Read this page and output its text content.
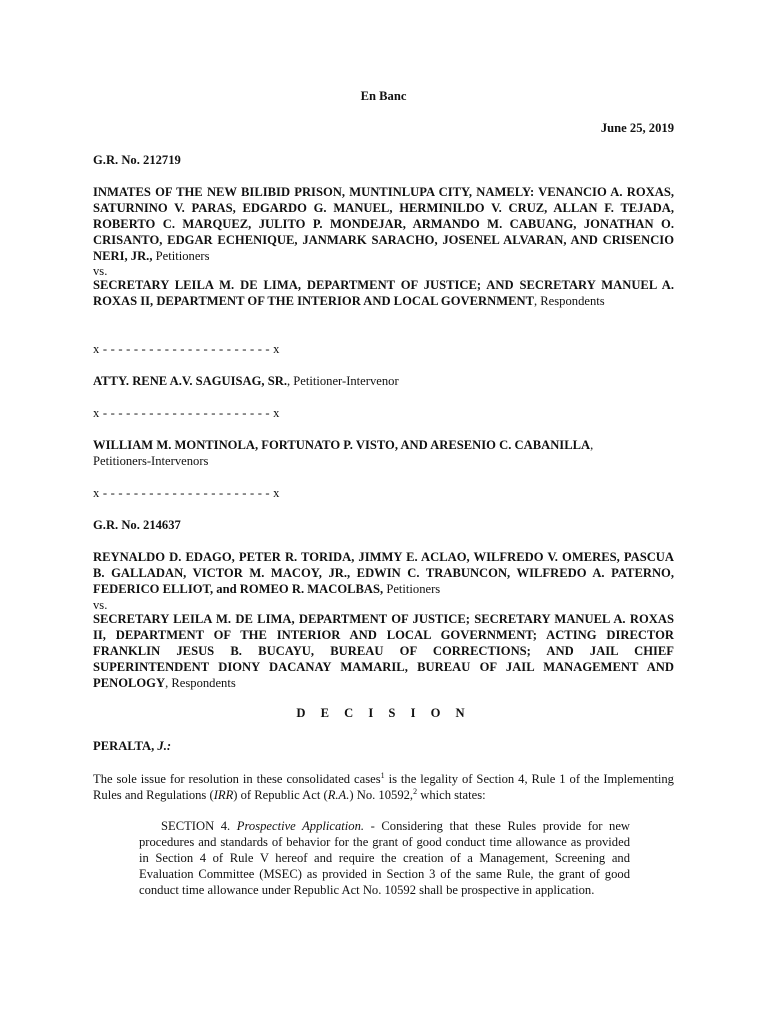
En Banc
June 25, 2019
G.R. No. 212719
INMATES OF THE NEW BILIBID PRISON, MUNTINLUPA CITY, NAMELY: VENANCIO A. ROXAS, SATURNINO V. PARAS, EDGARDO G. MANUEL, HERMINILDO V. CRUZ, ALLAN F. TEJADA, ROBERTO C. MARQUEZ, JULITO P. MONDEJAR, ARMANDO M. CABUANG, JONATHAN O. CRISANTO, EDGAR ECHENIQUE, JANMARK SARACHO, JOSENEL ALVARAN, AND CRISENCIO NERI, JR., Petitioners
vs.
SECRETARY LEILA M. DE LIMA, DEPARTMENT OF JUSTICE; AND SECRETARY MANUEL A. ROXAS II, DEPARTMENT OF THE INTERIOR AND LOCAL GOVERNMENT, Respondents
x - - - - - - - - - - - - - - - - - - - - - - x
ATTY. RENE A.V. SAGUISAG, SR., Petitioner-Intervenor
x - - - - - - - - - - - - - - - - - - - - - - x
WILLIAM M. MONTINOLA, FORTUNATO P. VISTO, AND ARESENIO C. CABANILLA,
Petitioners-Intervenors
x - - - - - - - - - - - - - - - - - - - - - - x
G.R. No. 214637
REYNALDO D. EDAGO, PETER R. TORIDA, JIMMY E. ACLAO, WILFREDO V. OMERES, PASCUA B. GALLADAN, VICTOR M. MACOY, JR., EDWIN C. TRABUNCON, WILFREDO A. PATERNO, FEDERICO ELLIOT, and ROMEO R. MACOLBAS, Petitioners
vs.
SECRETARY LEILA M. DE LIMA, DEPARTMENT OF JUSTICE; SECRETARY MANUEL A. ROXAS II, DEPARTMENT OF THE INTERIOR AND LOCAL GOVERNMENT; ACTING DIRECTOR FRANKLIN JESUS B. BUCAYU, BUREAU OF CORRECTIONS; AND JAIL CHIEF SUPERINTENDENT DIONY DACANAY MAMARIL, BUREAU OF JAIL MANAGEMENT AND PENOLOGY, Respondents
D E C I S I O N
PERALTA, J.:
The sole issue for resolution in these consolidated cases$^1$ is the legality of Section 4, Rule 1 of the Implementing Rules and Regulations (IRR) of Republic Act (R.A.) No. 10592,$^2$ which states:
SECTION 4. Prospective Application. - Considering that these Rules provide for new procedures and standards of behavior for the grant of good conduct time allowance as provided in Section 4 of Rule V hereof and require the creation of a Management, Screening and Evaluation Committee (MSEC) as provided in Section 3 of the same Rule, the grant of good conduct time allowance under Republic Act No. 10592 shall be prospective in application.
